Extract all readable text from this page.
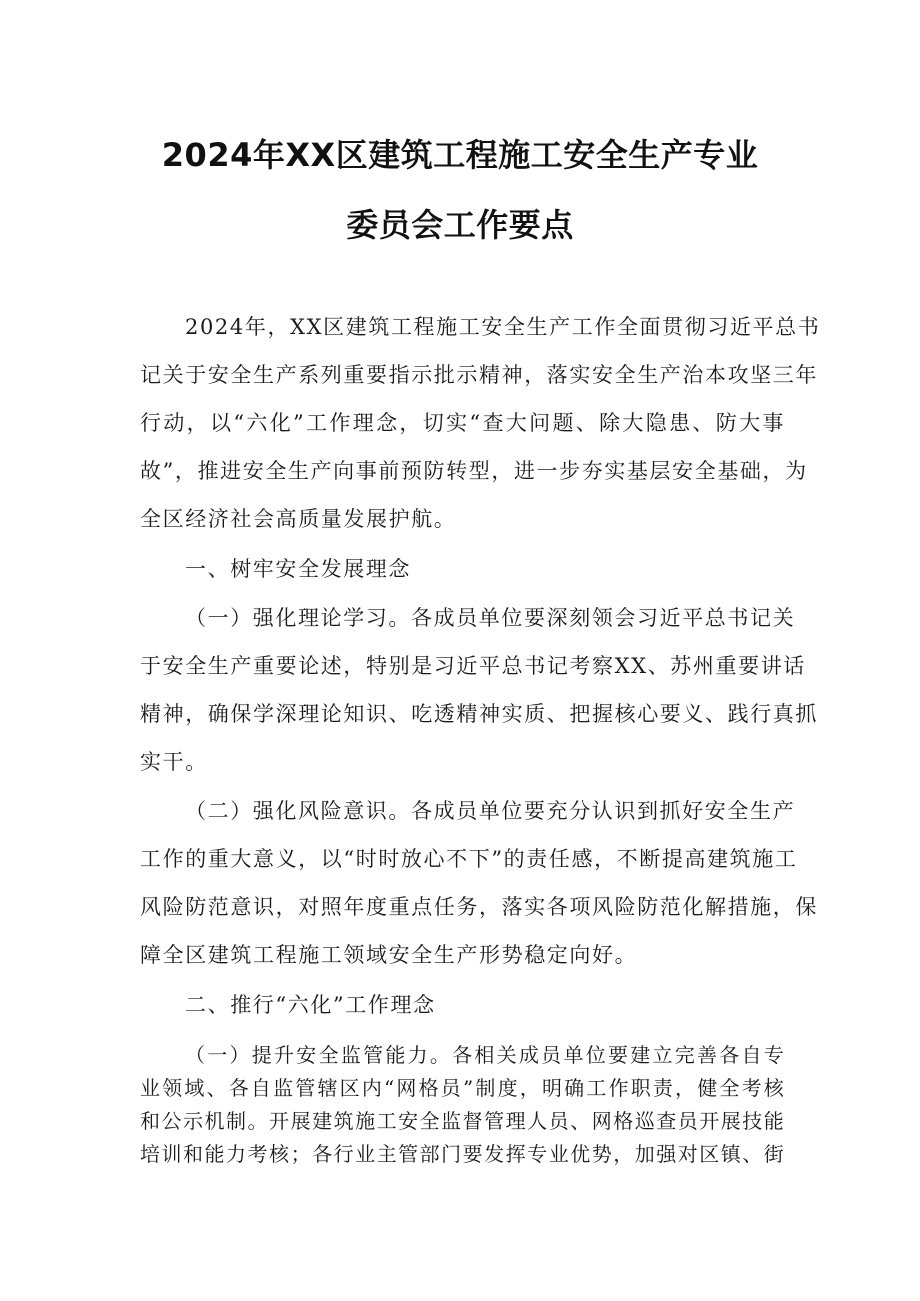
2024年XX区建筑工程施工安全生产专业
委员会工作要点
2024年，XX区建筑工程施工安全生产工作全面贯彻习近平总书
记关于安全生产系列重要指示批示精神，落实安全生产治本攻坚三年
行动，以“六化”工作理念，切实“查大问题、除大隐患、防大事
故”，推进安全生产向事前预防转型，进一步夯实基层安全基础，为
全区经济社会高质量发展护航。
一、树牢安全发展理念
（一）强化理论学习。各成员单位要深刻领会习近平总书记关
于安全生产重要论述，特别是习近平总书记考察XX、苏州重要讲话
精神，确保学深理论知识、吃透精神实质、把握核心要义、践行真抓
实干。
（二）强化风险意识。各成员单位要充分认识到抓好安全生产
工作的重大意义，以“时时放心不下”的责任感，不断提高建筑施工
风险防范意识，对照年度重点任务，落实各项风险防范化解措施，保
障全区建筑工程施工领域安全生产形势稳定向好。
二、推行“六化”工作理念
（一）提升安全监管能力。各相关成员单位要建立完善各自专
业领域、各自监管辖区内“网格员”制度，明确工作职责，健全考核
和公示机制。开展建筑施工安全监督管理人员、网格巡查员开展技能
培训和能力考核；各行业主管部门要发挥专业优势，加强对区镇、街
